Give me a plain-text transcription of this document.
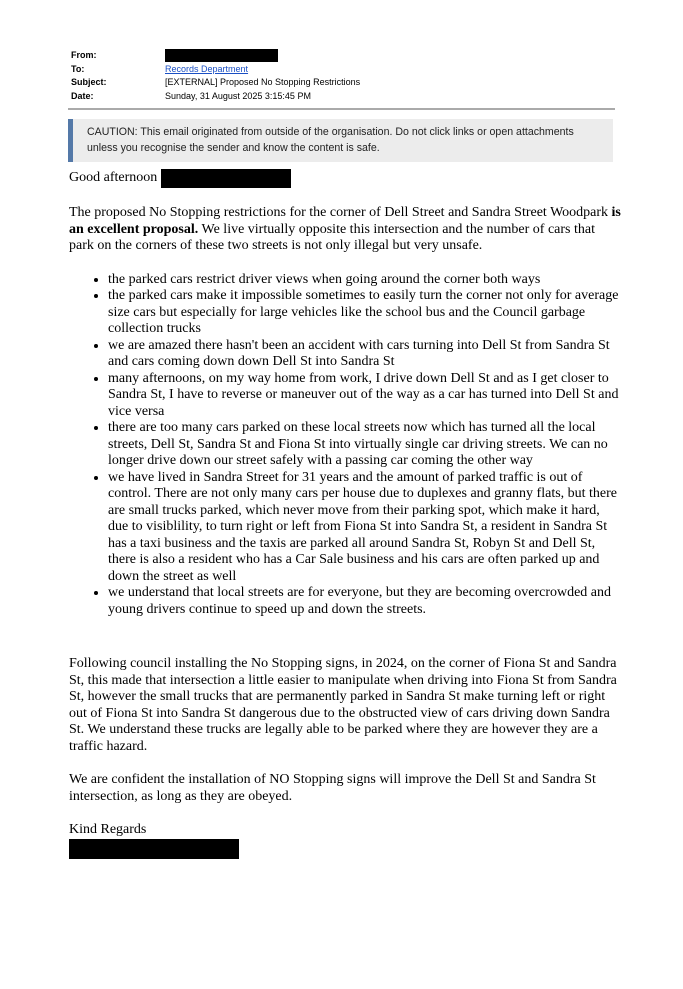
From:
To:	Records Department
Subject:	[EXTERNAL] Proposed No Stopping Restrictions
Date:	Sunday, 31 August 2025 3:15:45 PM
CAUTION: This email originated from outside of the organisation. Do not click links or open attachments unless you recognise the sender and know the content is safe.

Good afternoon

The proposed No Stopping restrictions for the corner of Dell Street and Sandra Street Woodpark is an excellent proposal. We live virtually opposite this intersection and the number of cars that park on the corners of these two streets is not only illegal but very unsafe.

• the parked cars restrict driver views when going around the corner both ways
• the parked cars make it impossible sometimes to easily turn the corner not only for average size cars but especially for large vehicles like the school bus and the Council garbage collection trucks
• we are amazed there hasn't been an accident with cars turning into Dell St from Sandra St and cars coming down down Dell St into Sandra St
• many afternoons, on my way home from work, I drive down Dell St and as I get closer to Sandra St, I have to reverse or maneuver out of the way as a car has turned into Dell St and vice versa
• there are too many cars parked on these local streets now which has turned all the local streets, Dell St, Sandra St and Fiona St into virtually single car driving streets. We can no longer drive down our street safely with a passing car coming the other way
• we have lived in Sandra Street for 31 years and the amount of parked traffic is out of control. There are not only many cars per house due to duplexes and granny flats, but there are small trucks parked, which never move from their parking spot, which make it hard, due to visiblility, to turn right or left from Fiona St into Sandra St, a resident in Sandra St has a taxi business and the taxis are parked all around Sandra St, Robyn St and Dell St, there is also a resident who has a Car Sale business and his cars are often parked up and down the street as well
• we understand that local streets are for everyone, but they are becoming overcrowded and young drivers continue to speed up and down the streets.

Following council installing the No Stopping signs, in 2024, on the corner of Fiona St and Sandra St, this made that intersection a little easier to manipulate when driving into Fiona St from Sandra St, however the small trucks that are permanently parked in Sandra St make turning left or right out of Fiona St into Sandra St dangerous due to the obstructed view of cars driving down Sandra St. We understand these trucks are legally able to be parked where they are however they are a traffic hazard.

We are confident the installation of NO Stopping signs will improve the Dell St and Sandra St intersection, as long as they are obeyed.

Kind Regards
